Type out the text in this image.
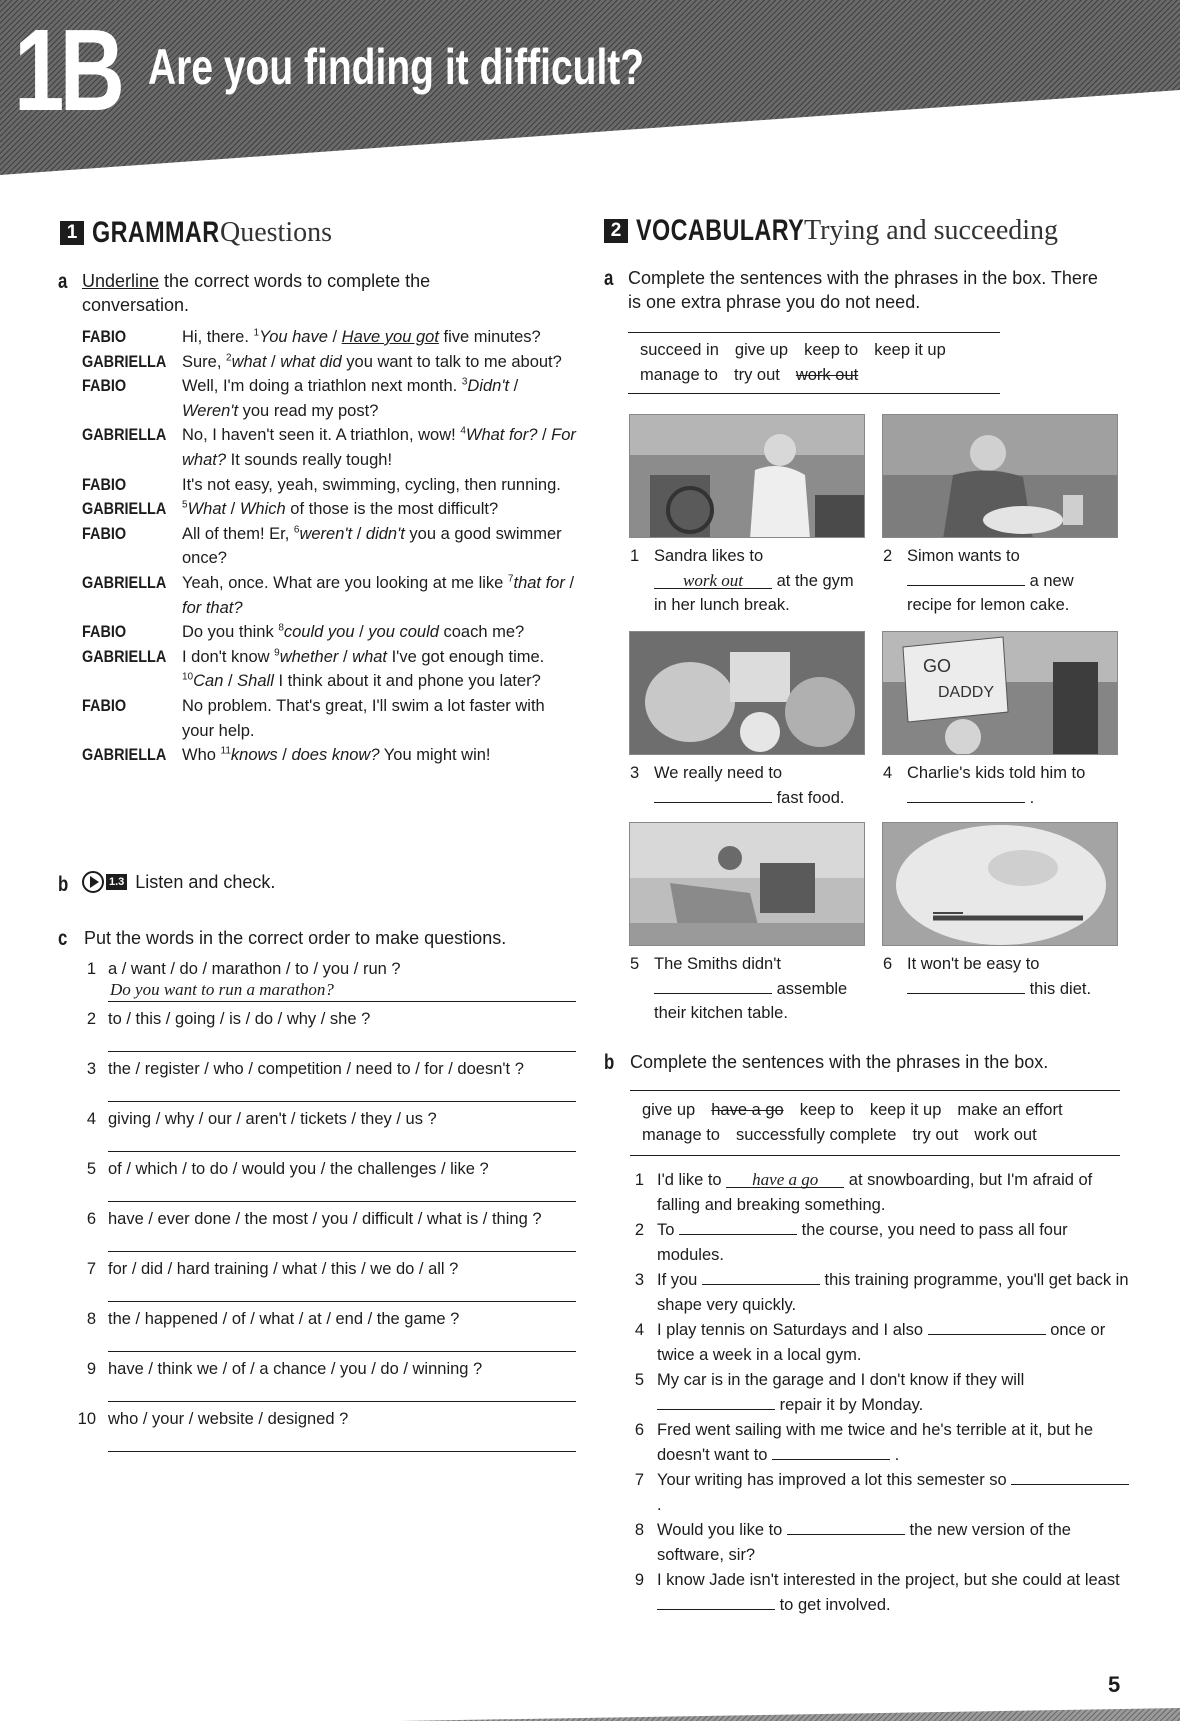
1B Are you finding it difficult?
1 GRAMMAR Questions
a Underline the correct words to complete the conversation.
FABIO	Hi, there. $^1$You have / Have you got five minutes?
GABRIELLA Sure, $^2$what / what did you want to talk to me about?
FABIO	Well, I'm doing a triathlon next month. $^3$Didn't / Weren't you read my post?
GABRIELLA No, I haven't seen it. A triathlon, wow! $^4$What for? / For what? It sounds really tough!
FABIO	It's not easy, yeah, swimming, cycling, then running.
GABRIELLA $^5$What / Which of those is the most difficult?
FABIO	All of them! Er, $^6$weren't / didn't you a good swimmer once?
GABRIELLA Yeah, once. What are you looking at me like $^7$that for / for that?
FABIO	Do you think $^8$could you / you could coach me?
GABRIELLA I don't know $^9$whether / what I've got enough time. $^{10}$Can / Shall I think about it and phone you later?
FABIO	No problem. That's great, I'll swim a lot faster with your help.
GABRIELLA Who $^{11}$knows / does know? You might win!
b	1.3 Listen and check.
c Put the words in the correct order to make questions.
1 a / want / do / marathon / to / you / run ?
Do you want to run a marathon?
2 to / this / going / is / do / why / she ?
3 the / register / who / competition / need to / for / doesn't ?
4 giving / why / our / aren't / tickets / they / us ?
5 of / which / to do / would you / the challenges / like ?
6 have / ever done / the most / you / difficult / what is / thing ?
7 for / did / hard training / what / this / we do / all ?
8 the / happened / of / what / at / end / the game ?
9 have / think we / of / a chance / you / do / winning ?
10 who / your / website / designed ?
2 VOCABULARY Trying and succeeding
a Complete the sentences with the phrases in the box. There is one extra phrase you do not need.
succeed in give up keep to keep it up
manage to try out work out
GO
DADDY
1 Sandra likes to
work out at the gym in her lunch break.
2 Simon wants to
a new recipe for lemon cake.
3 We really need to
fast food.
4 Charlie's kids told him to
.
5 The Smiths didn't
assemble their kitchen table.
6 It won't be easy to
this diet.
b Complete the sentences with the phrases in the box.
give up have a go keep to keep it up make an effort
manage to successfully complete try out work out
1 I'd like to have a go at snowboarding, but I'm afraid of falling and breaking something.
2 To	the course, you need to pass all four modules.
3 If you	this training programme, you'll get back in shape very quickly.
4 I play tennis on Saturdays and I also	once or twice a week in a local gym.
5 My car is in the garage and I don't know if they will  repair it by Monday.
6 Fred went sailing with me twice and he's terrible at it, but he doesn't want to	.
7 Your writing has improved a lot this semester so  .
8 Would you like to	the new version of the software, sir?
9 I know Jade isn't interested in the project, but she could at least  to get involved.
5
